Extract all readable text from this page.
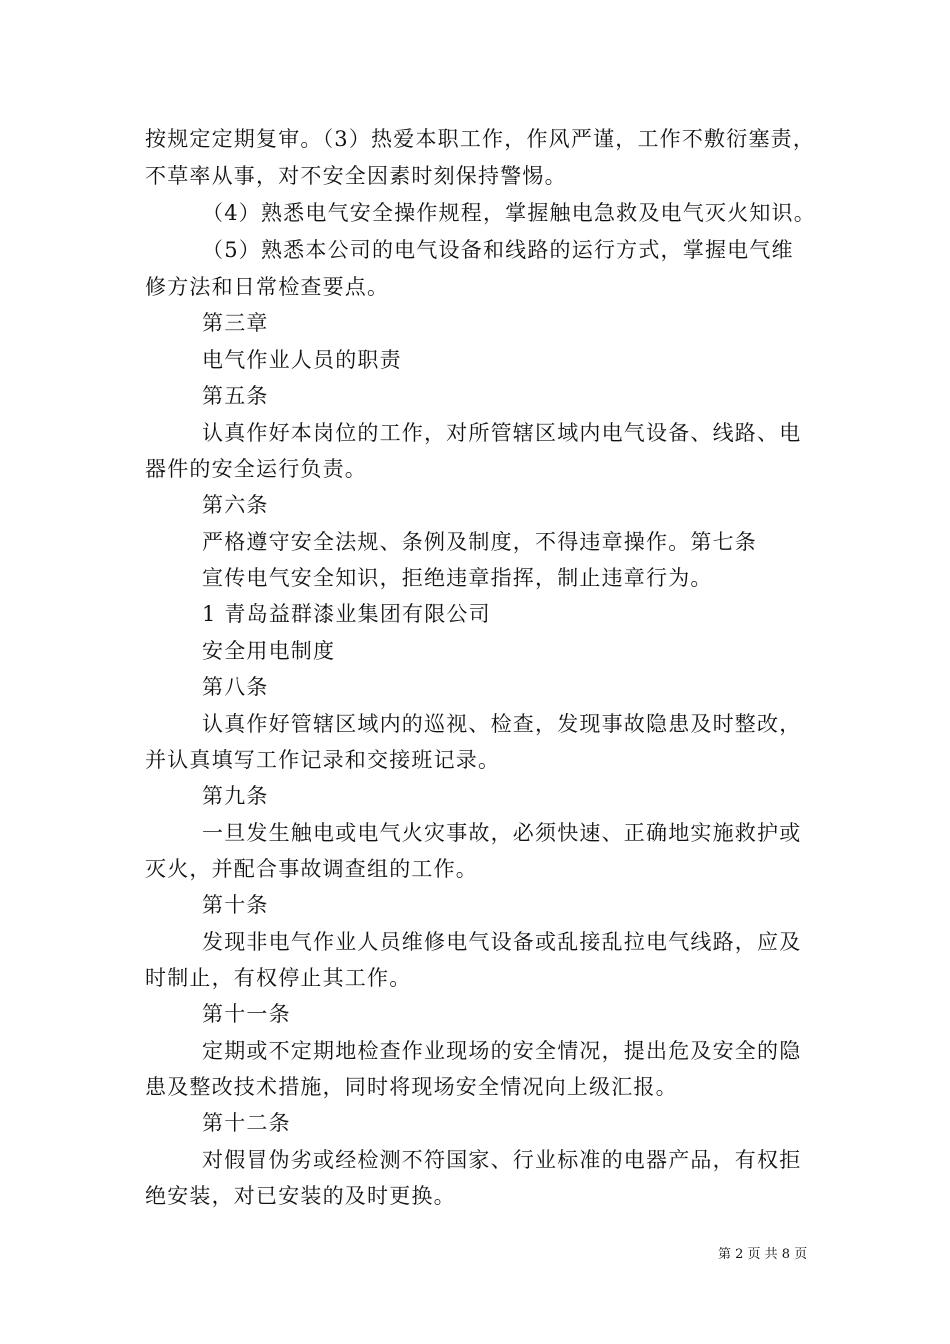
按规定定期复审。（3）热爱本职工作，作风严谨，工作不敷衍塞责，
不草率从事，对不安全因素时刻保持警惕。
（4）熟悉电气安全操作规程，掌握触电急救及电气灭火知识。
（5）熟悉本公司的电气设备和线路的运行方式，掌握电气维
修方法和日常检查要点。
第三章
电气作业人员的职责
第五条
认真作好本岗位的工作，对所管辖区域内电气设备、线路、电
器件的安全运行负责。
第六条
严格遵守安全法规、条例及制度，不得违章操作。第七条
宣传电气安全知识，拒绝违章指挥，制止违章行为。
1 青岛益群漆业集团有限公司
安全用电制度
第八条
认真作好管辖区域内的巡视、检查，发现事故隐患及时整改，
并认真填写工作记录和交接班记录。
第九条
一旦发生触电或电气火灾事故，必须快速、正确地实施救护或
灭火，并配合事故调查组的工作。
第十条
发现非电气作业人员维修电气设备或乱接乱拉电气线路，应及
时制止，有权停止其工作。
第十一条
定期或不定期地检查作业现场的安全情况，提出危及安全的隐
患及整改技术措施，同时将现场安全情况向上级汇报。
第十二条
对假冒伪劣或经检测不符国家、行业标准的电器产品，有权拒
绝安装，对已安装的及时更换。
第 2 页 共 8 页
